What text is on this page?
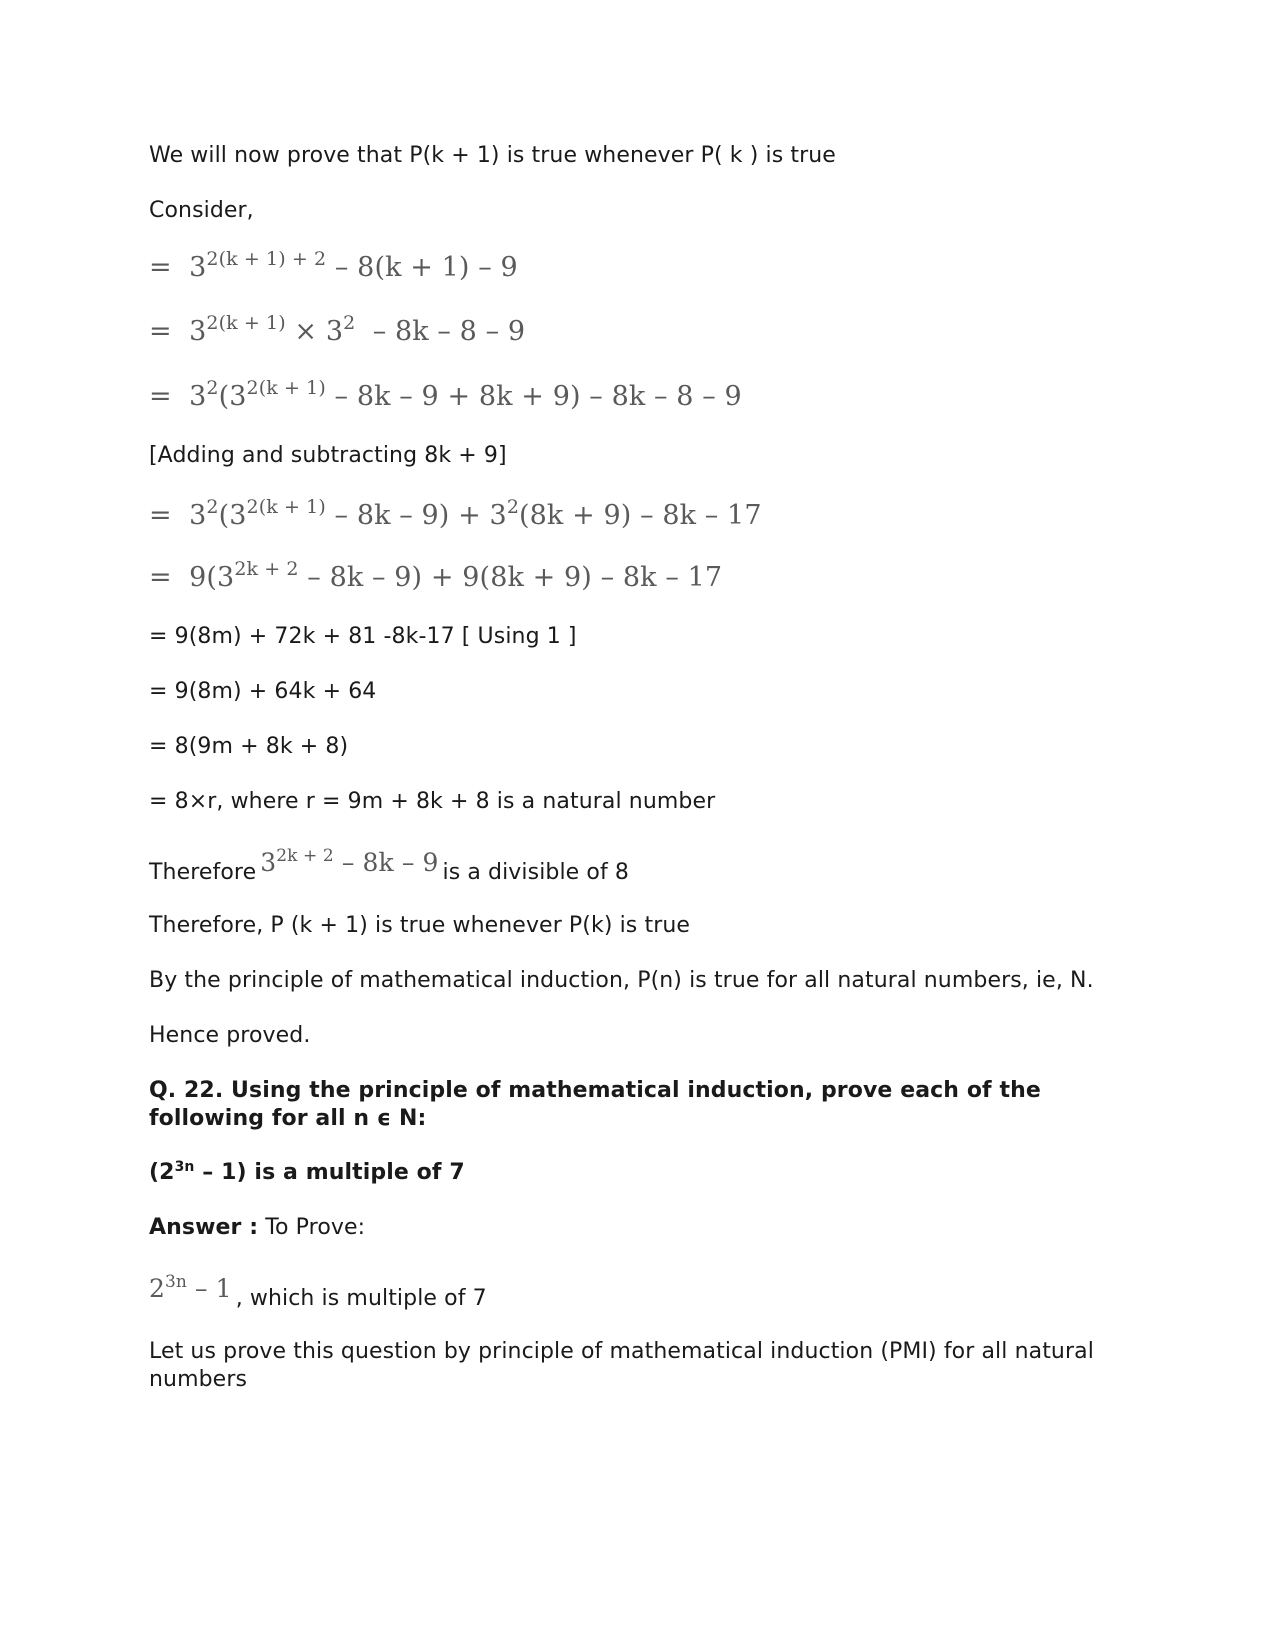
We will now prove that P(k + 1) is true whenever P( k ) is true
Consider,
= $3^{2(k + 1) + 2} - 8(k + 1) - 9$
= $3^{2(k + 1)} \times 3^2 - 8k - 8 - 9$
= $3^2(3^{2(k + 1)} - 8k - 9 + 8k + 9) - 8k - 8 - 9$
[Adding and subtracting 8k + 9]
= $3^2(3^{2(k + 1)} - 8k - 9) + 3^2(8k + 9) - 8k - 17$
= $9(3^{2k + 2} - 8k - 9) + 9(8k + 9) - 8k - 17$
= 9(8m) + 72k + 81 -8k-17 [ Using 1 ]
= 9(8m) + 64k + 64
= 8(9m + 8k + 8)
= 8×r, where r = 9m + 8k + 8 is a natural number
Therefore $3^{2k + 2} - 8k - 9$ is a divisible of 8
Therefore, P (k + 1) is true whenever P(k) is true
By the principle of mathematical induction, P(n) is true for all natural numbers, ie, N.
Hence proved.
Q. 22. Using the principle of mathematical induction, prove each of the following for all n ϵ N:
$(2^{3n} - 1)$ is a multiple of 7
Answer : To Prove:
$2^{3n} - 1$ , which is multiple of 7
Let us prove this question by principle of mathematical induction (PMI) for all natural numbers
